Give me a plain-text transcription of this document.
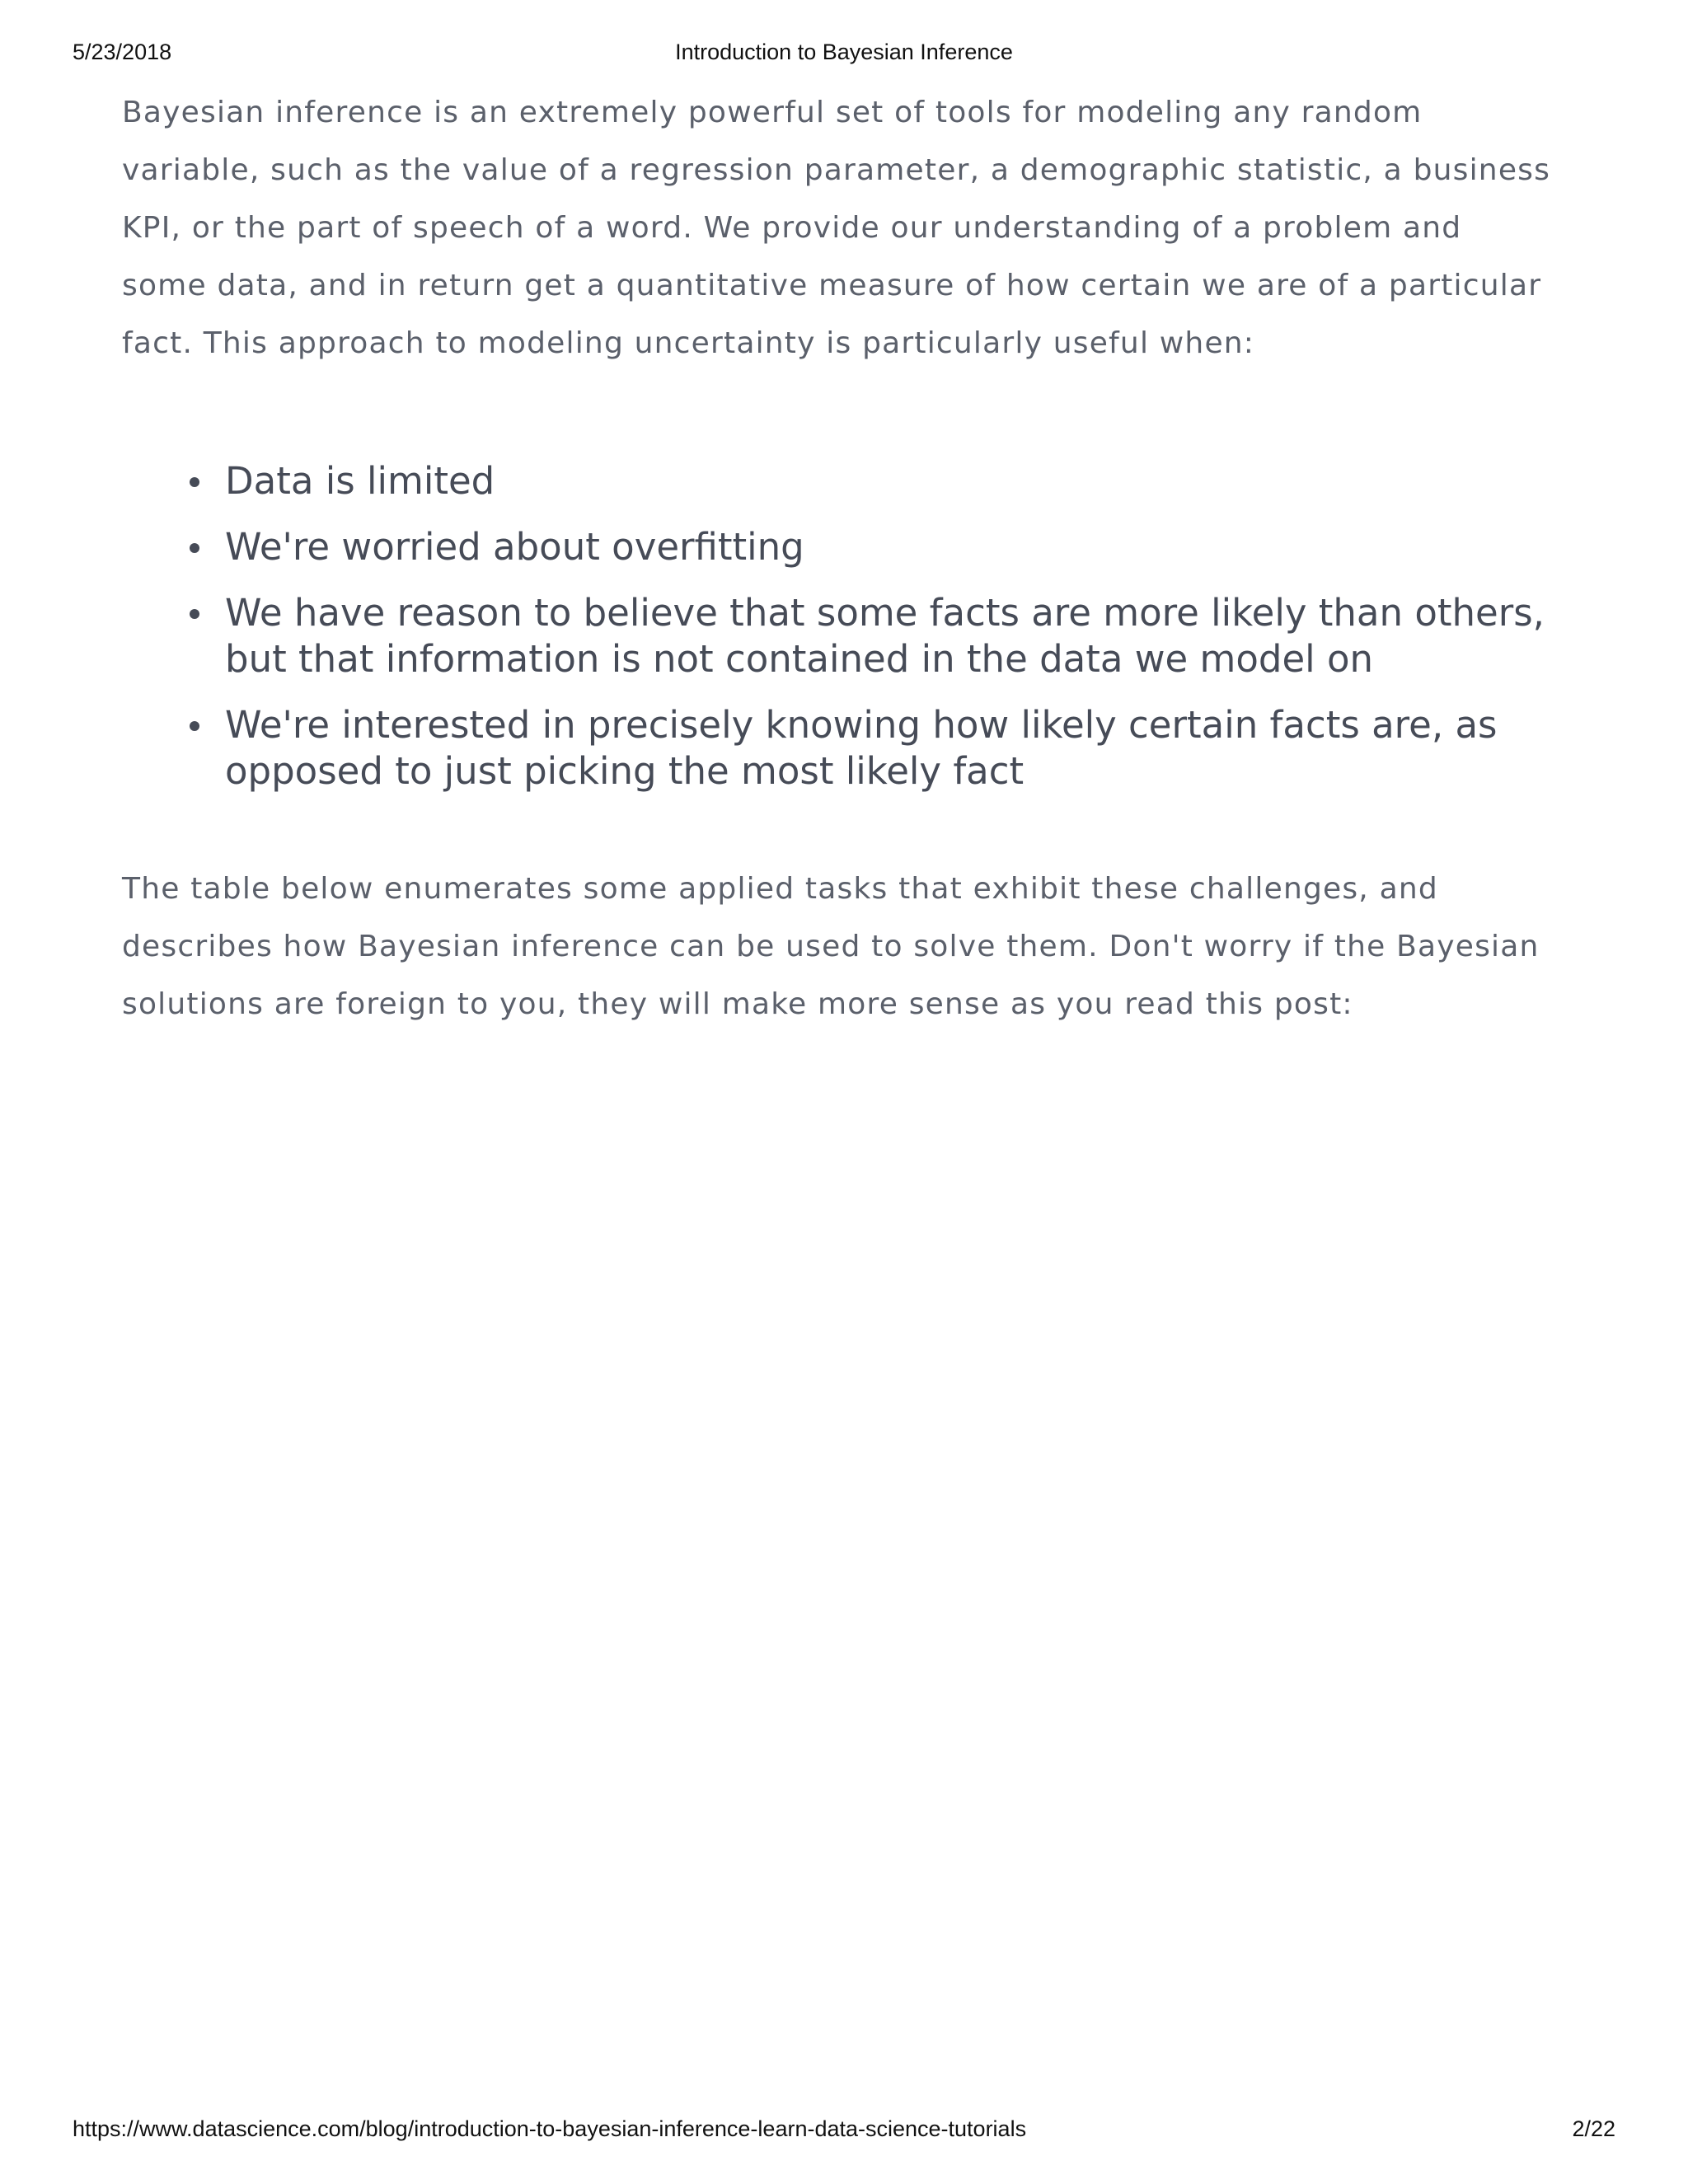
5/23/2018	Introduction to Bayesian Inference

Bayesian inference is an extremely powerful set of tools for modeling any random variable, such as the value of a regression parameter, a demographic statistic, a business KPI, or the part of speech of a word. We provide our understanding of a problem and some data, and in return get a quantitative measure of how certain we are of a particular fact. This approach to modeling uncertainty is particularly useful when:

Data is limited
We're worried about overfitting
We have reason to believe that some facts are more likely than others, but that information is not contained in the data we model on
We're interested in precisely knowing how likely certain facts are, as opposed to just picking the most likely fact

The table below enumerates some applied tasks that exhibit these challenges, and describes how Bayesian inference can be used to solve them. Don't worry if the Bayesian solutions are foreign to you, they will make more sense as you read this post:

https://www.datascience.com/blog/introduction-to-bayesian-inference-learn-data-science-tutorials	2/22
